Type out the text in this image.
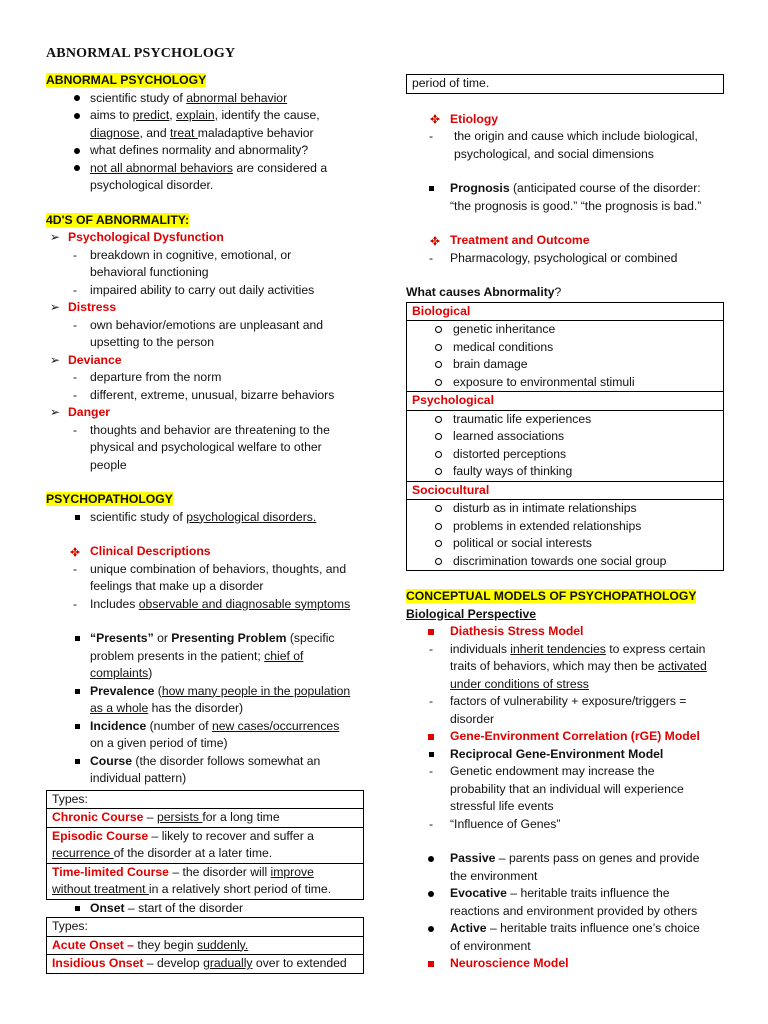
ABNORMAL PSYCHOLOGY
ABNORMAL PSYCHOLOGY
scientific study of abnormal behavior
aims to predict, explain, identify the cause,
diagnose, and treat maladaptive behavior
what defines normality and abnormality?
not all abnormal behaviors are considered a
psychological disorder.
4D'S OF ABNORMALITY:
➢ Psychological Dysfunction
-	breakdown in cognitive, emotional, or
behavioral functioning
-	impaired ability to carry out daily activities
➢ Distress
-	own behavior/emotions are unpleasant and
upsetting to the person
➢ Deviance
-	departure from the norm
-	different, extreme, unusual, bizarre behaviors
➢ Danger
-	thoughts and behavior are threatening to the
physical and psychological welfare to other
people
PSYCHOPATHOLOGY
scientific study of psychological disorders.
Clinical Descriptions
-	unique combination of behaviors, thoughts, and
feelings that make up a disorder
-	Includes observable and diagnosable symptoms
“Presents” or Presenting Problem (specific
problem presents in the patient; chief of
complaints)
Prevalence (how many people in the population
as a whole has the disorder)
Incidence (number of new cases/occurrences
on a given period of time)
Course (the disorder follows somewhat an
individual pattern)
Types:
Chronic Course – persists for a long time
Episodic Course – likely to recover and suffer a
recurrence of the disorder at a later time.
Time-limited Course – the disorder will improve
without treatment in a relatively short period of time.
Onset – start of the disorder
Types:
Acute Onset – they begin suddenly.
Insidious Onset – develop gradually over to extended
period of time.
Etiology
-	the origin and cause which include biological,
psychological, and social dimensions
Prognosis (anticipated course of the disorder:
“the prognosis is good.” “the prognosis is bad.”
Treatment and Outcome
-	Pharmacology, psychological or combined
What causes Abnormality?
Biological
genetic inheritance
medical conditions
brain damage
exposure to environmental stimuli
Psychological
traumatic life experiences
learned associations
distorted perceptions
faulty ways of thinking
Sociocultural
disturb as in intimate relationships
problems in extended relationships
political or social interests
discrimination towards one social group
CONCEPTUAL MODELS OF PSYCHOPATHOLOGY
Biological Perspective
Diathesis Stress Model
-	individuals inherit tendencies to express certain
traits of behaviors, which may then be activated
under conditions of stress
-	factors of vulnerability + exposure/triggers =
disorder
Gene-Environment Correlation (rGE) Model
Reciprocal Gene-Environment Model
-	Genetic endowment may increase the
probability that an individual will experience
stressful life events
-	“Influence of Genes”
Passive – parents pass on genes and provide
the environment
Evocative – heritable traits influence the
reactions and environment provided by others
Active – heritable traits influence one’s choice
of environment
Neuroscience Model
